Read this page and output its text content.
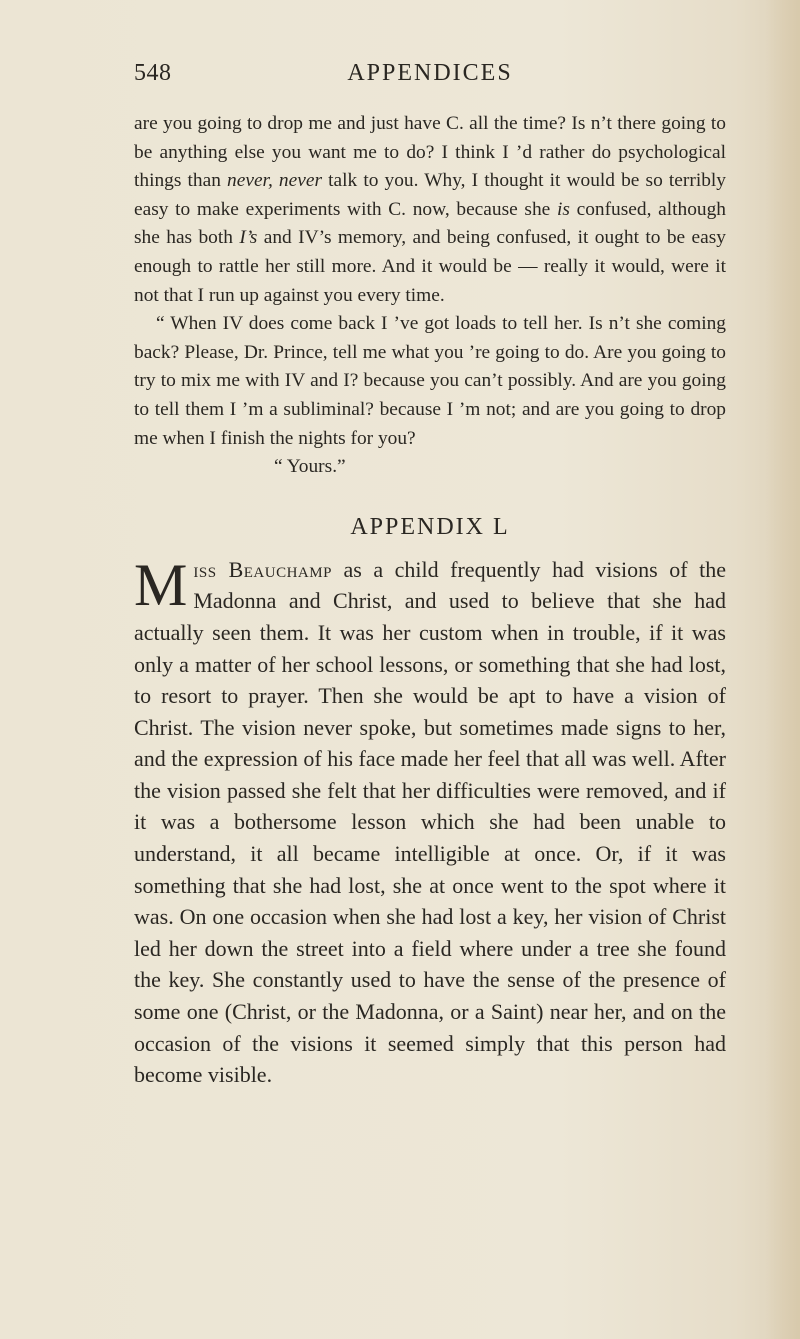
548	APPENDICES

are you going to drop me and just have C. all the time? Is n’t there going to be anything else you want me to do? I think I ’d rather do psychological things than never, never talk to you. Why, I thought it would be so terribly easy to make experiments with C. now, because she is confused, although she has both I’s and IV’s memory, and being confused, it ought to be easy enough to rattle her still more. And it would be — really it would, were it not that I run up against you every time.

“ When IV does come back I ’ve got loads to tell her. Is n’t she coming back? Please, Dr. Prince, tell me what you ’re going to do. Are you going to try to mix me with IV and I? because you can’t possibly. And are you going to tell them I ’m a subliminal? because I ’m not; and are you going to drop me when I finish the nights for you?

“ Yours.”

APPENDIX L

Miss Beauchamp as a child frequently had visions of the Madonna and Christ, and used to believe that she had actually seen them. It was her custom when in trouble, if it was only a matter of her school lessons, or something that she had lost, to resort to prayer. Then she would be apt to have a vision of Christ. The vision never spoke, but sometimes made signs to her, and the expression of his face made her feel that all was well. After the vision passed she felt that her difficulties were removed, and if it was a bothersome lesson which she had been unable to understand, it all became intelligible at once. Or, if it was something that she had lost, she at once went to the spot where it was. On one occasion when she had lost a key, her vision of Christ led her down the street into a field where under a tree she found the key. She constantly used to have the sense of the presence of some one (Christ, or the Madonna, or a Saint) near her, and on the occasion of the visions it seemed simply that this person had become visible.
